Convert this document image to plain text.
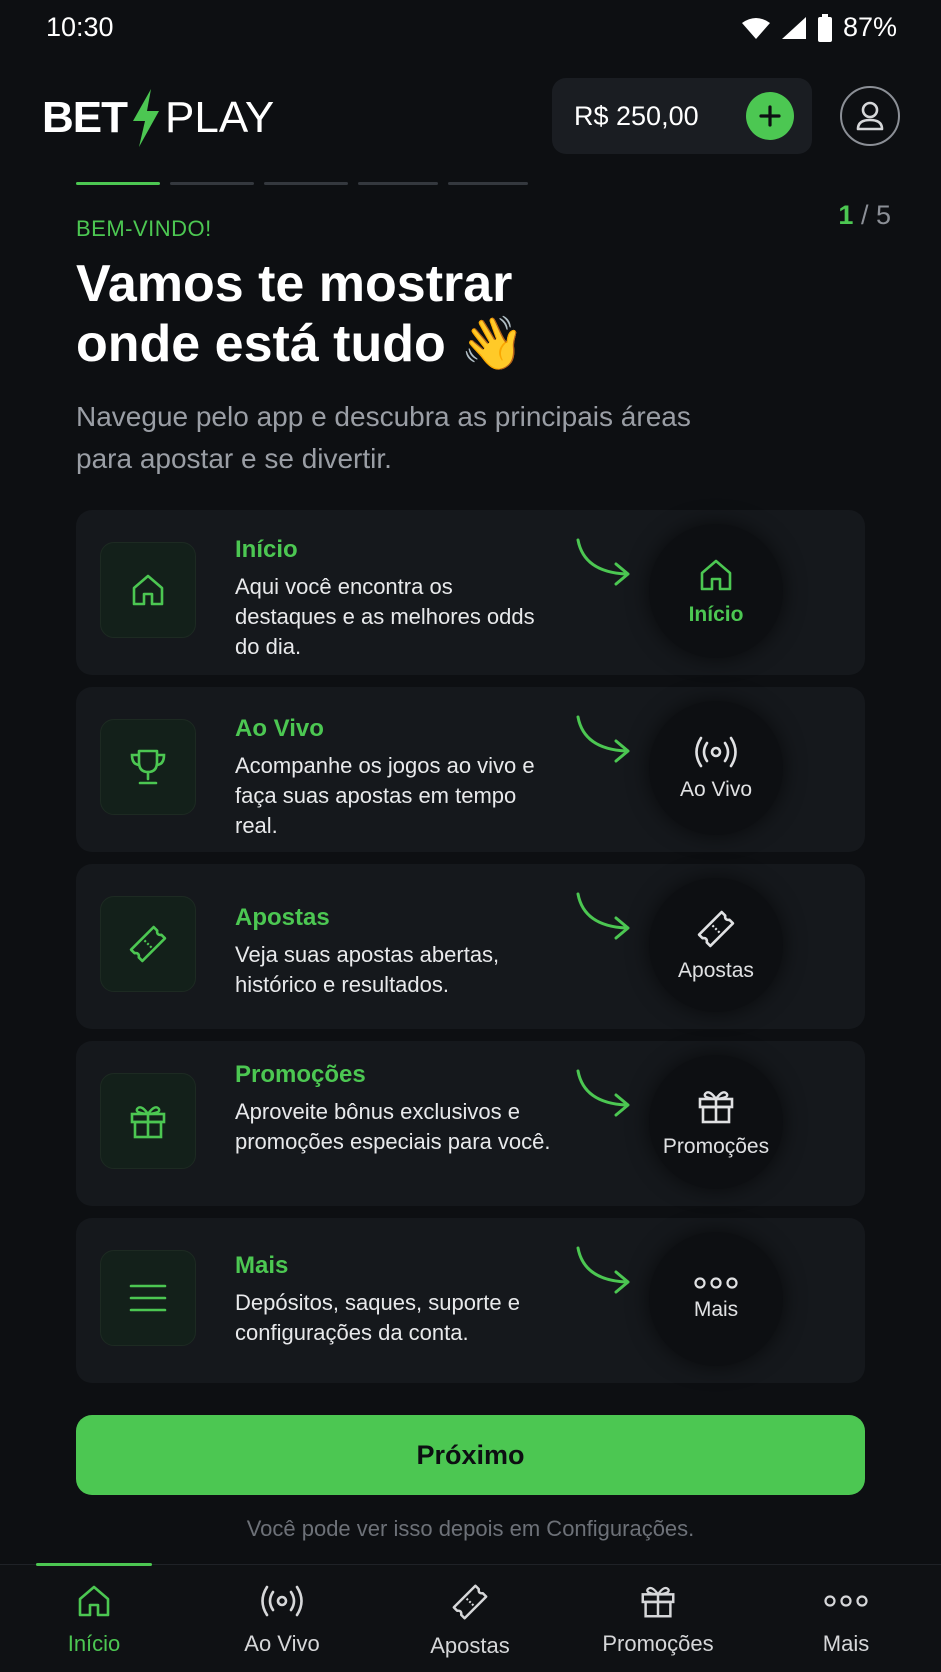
10:30	87%
BET PLAY	R$ 250,00
1 / 5
BEM-VINDO!
Vamos te mostrar
onde está tudo 👋
Navegue pelo app e descubra as principais áreas para apostar e se divertir.
Início
Aqui você encontra os destaques e as melhores odds do dia.
Início
Ao Vivo
Acompanhe os jogos ao vivo e faça suas apostas em tempo real.
Ao Vivo
Apostas
Veja suas apostas abertas, histórico e resultados.
Apostas
Promoções
Aproveite bônus exclusivos e promoções especiais para você.	Promoções
Mais
Depósitos, saques, suporte e configurações da conta.
Mais
Próximo
Você pode ver isso depois em Configurações.
Início	Ao Vivo	Apostas	Promoções	Mais
